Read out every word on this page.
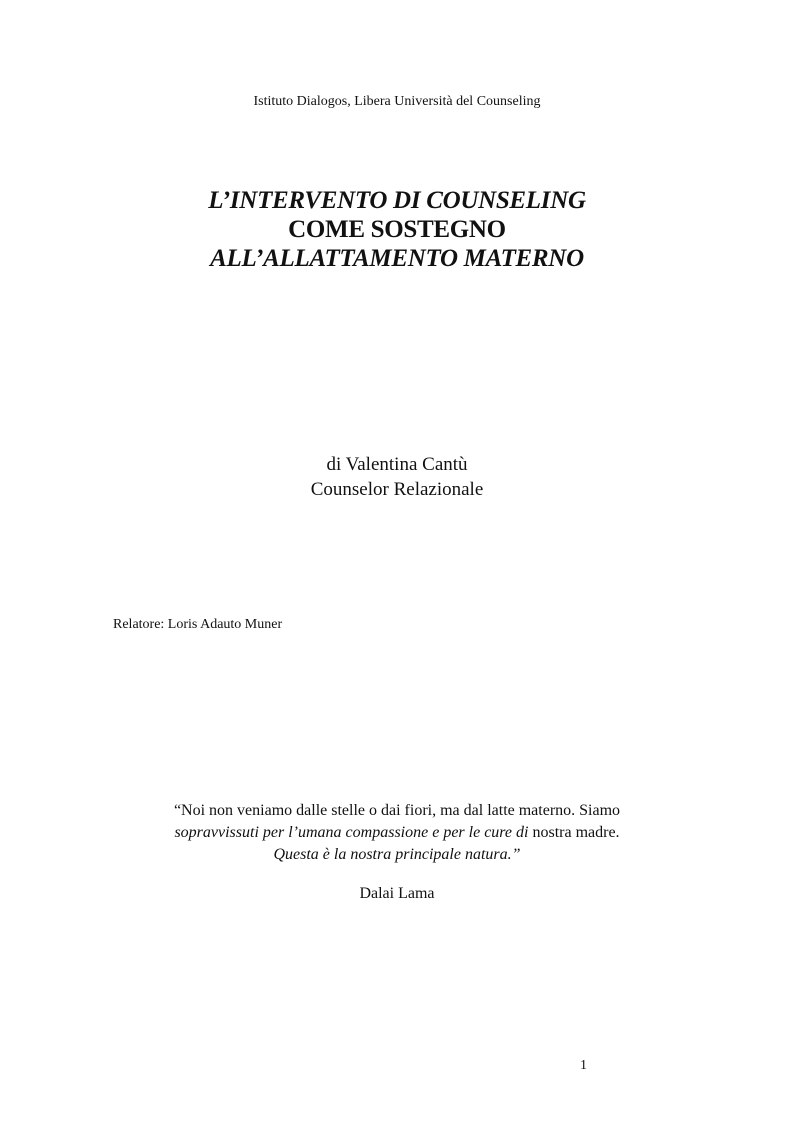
Istituto Dialogos, Libera Università del Counseling
L’INTERVENTO DI COUNSELING
COME SOSTEGNO
ALL’ALLATTAMENTO MATERNO
di Valentina Cantù
Counselor Relazionale
Relatore: Loris Adauto Muner
“Noi non veniamo dalle stelle o dai fiori, ma dal latte materno. Siamo
sopravvissuti per l’umana compassione e per le cure di nostra madre.
Questa è la nostra principale natura.”
Dalai Lama
1
